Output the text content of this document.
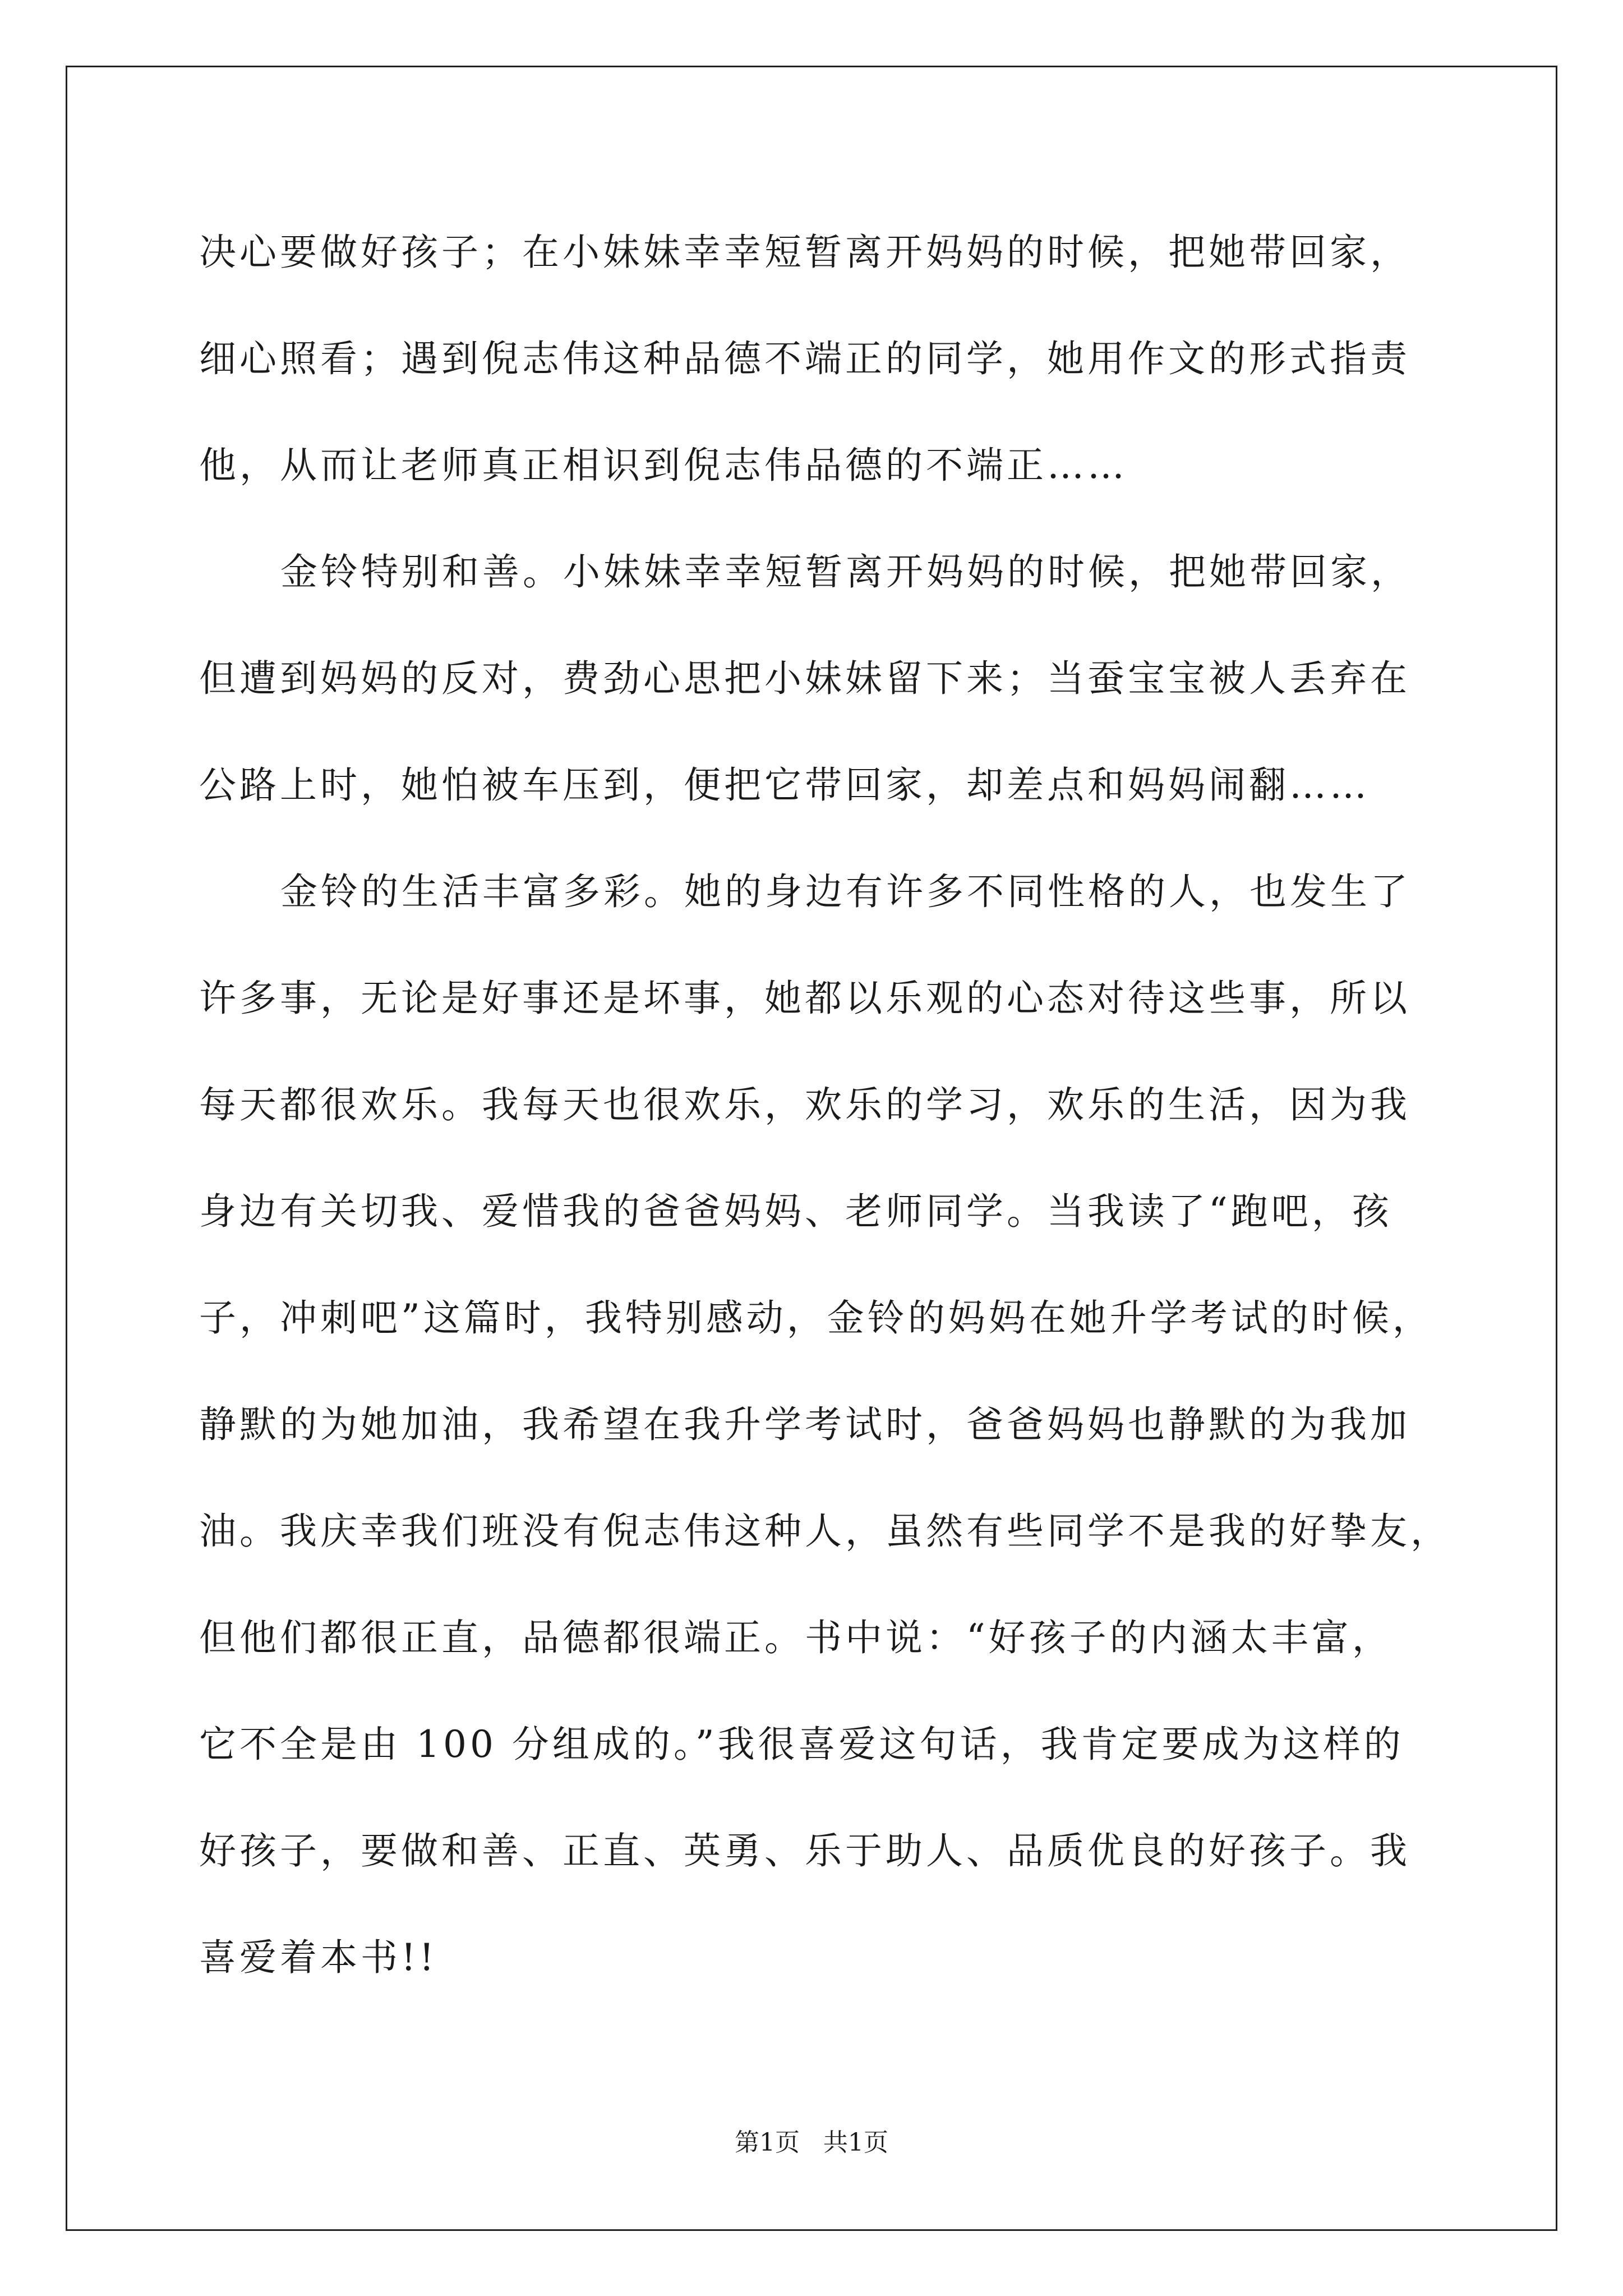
决心要做好孩子；在小妹妹幸幸短暂离开妈妈的时候，把她带回家，
细心照看；遇到倪志伟这种品德不端正的同学，她用作文的形式指责
他，从而让老师真正相识到倪志伟品德的不端正……
金铃特别和善。小妹妹幸幸短暂离开妈妈的时候，把她带回家，
但遭到妈妈的反对，费劲心思把小妹妹留下来；当蚕宝宝被人丢弃在
公路上时，她怕被车压到，便把它带回家，却差点和妈妈闹翻……
金铃的生活丰富多彩。她的身边有许多不同性格的人，也发生了
许多事，无论是好事还是坏事，她都以乐观的心态对待这些事，所以
每天都很欢乐。我每天也很欢乐，欢乐的学习，欢乐的生活，因为我
身边有关切我、爱惜我的爸爸妈妈、老师同学。当我读了“跑吧，孩
子，冲刺吧”这篇时，我特别感动，金铃的妈妈在她升学考试的时候，
静默的为她加油，我希望在我升学考试时，爸爸妈妈也静默的为我加
油。我庆幸我们班没有倪志伟这种人，虽然有些同学不是我的好挚友，
但他们都很正直，品德都很端正。书中说：“好孩子的内涵太丰富，
它不全是由 100 分组成的。”我很喜爱这句话，我肯定要成为这样的
好孩子，要做和善、正直、英勇、乐于助人、品质优良的好孩子。我
喜爱着本书!!
第1页   共1页
